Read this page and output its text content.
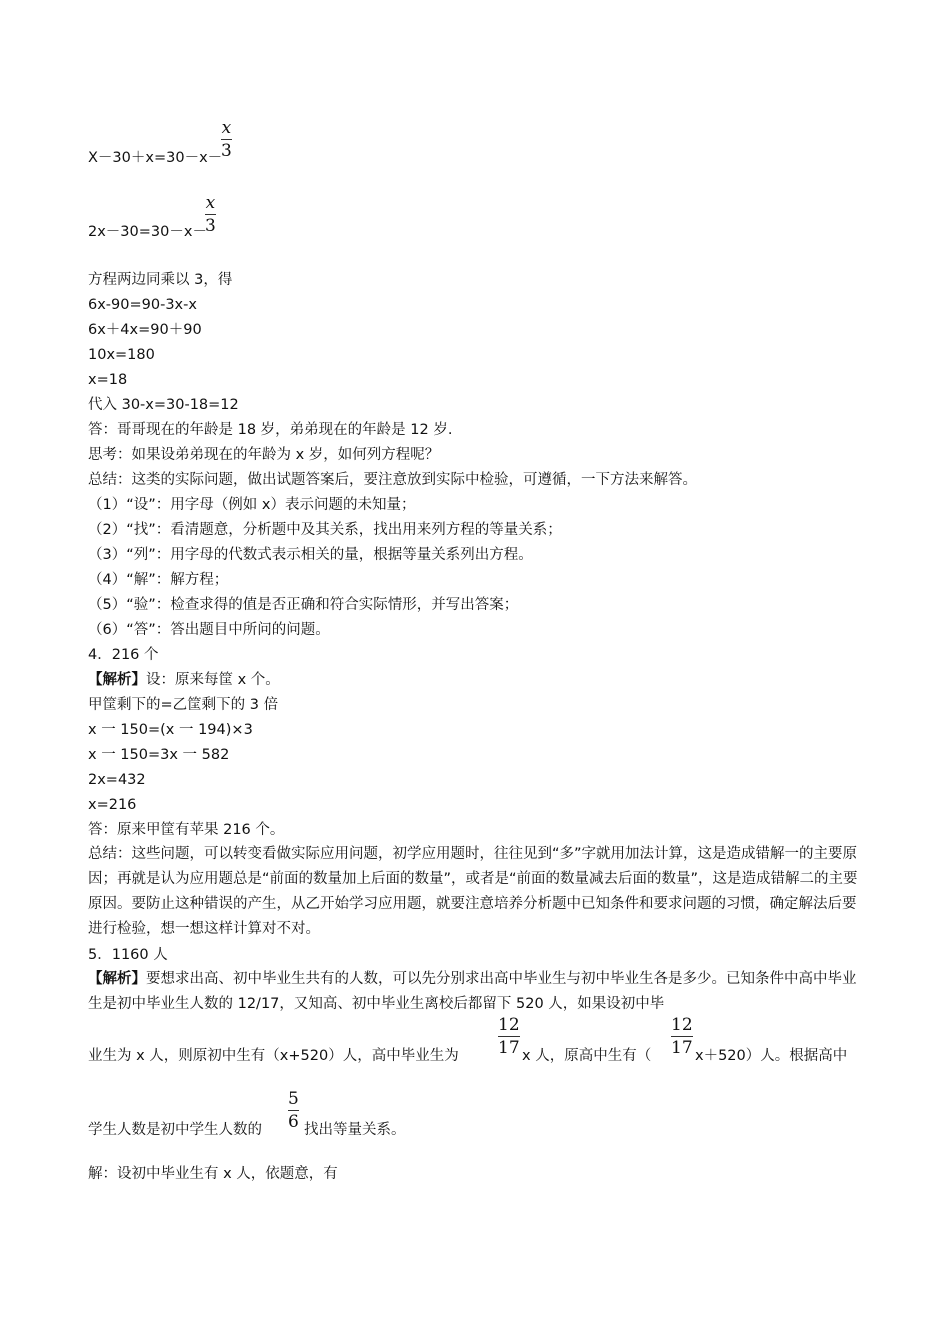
X－30＋x=30－x－
x
3
2x－30=30－x－
x
3
方程两边同乘以 3，得
6x-90=90-3x-x
6x＋4x=90＋90
10x=180
x=18
代入 30-x=30-18=12
答：哥哥现在的年龄是 18 岁，弟弟现在的年龄是 12 岁.
思考：如果设弟弟现在的年龄为 x 岁，如何列方程呢？
总结：这类的实际问题，做出试题答案后，要注意放到实际中检验，可遵循，一下方法来解答。
（1）“设”：用字母（例如 x）表示问题的未知量；
（2）“找”：看清题意，分析题中及其关系，找出用来列方程的等量关系；
（3）“列”：用字母的代数式表示相关的量，根据等量关系列出方程。
（4）“解”：解方程；
（5）“验”：检查求得的值是否正确和符合实际情形，并写出答案；
（6）“答”：答出题目中所问的问题。
4．216 个
【解析】设：原来每筐 x 个。
甲筐剩下的=乙筐剩下的 3 倍
x 一 150=(x 一 194)×3
x 一 150=3x 一 582
2x=432
x=216
答：原来甲筐有苹果 216 个。
总结：这些问题，可以转变看做实际应用问题，初学应用题时，往往见到“多”字就用加法计算，这是造成错解一的主要原因；再就是认为应用题总是“前面的数量加上后面的数量”，或者是“前面的数量减去后面的数量”，这是造成错解二的主要原因。要防止这种错误的产生，从乙开始学习应用题，就要注意培养分析题中已知条件和要求问题的习惯，确定解法后要进行检验，想一想这样计算对不对。
5．1160 人
【解析】要想求出高、初中毕业生共有的人数，可以先分别求出高中毕业生与初中毕业生各是多少。已知条件中高中毕业生是初中毕业生人数的 12/17，又知高、初中毕业生离校后都留下 520 人，如果设初中毕
业生为 x 人，则原初中生有（x+520）人，高中毕业生为
12
17 x 人，原高中生有（
12
17 x＋520）人。根据高中
学生人数是初中学生人数的
5
6 找出等量关系。
解：设初中毕业生有 x 人，依题意，有
